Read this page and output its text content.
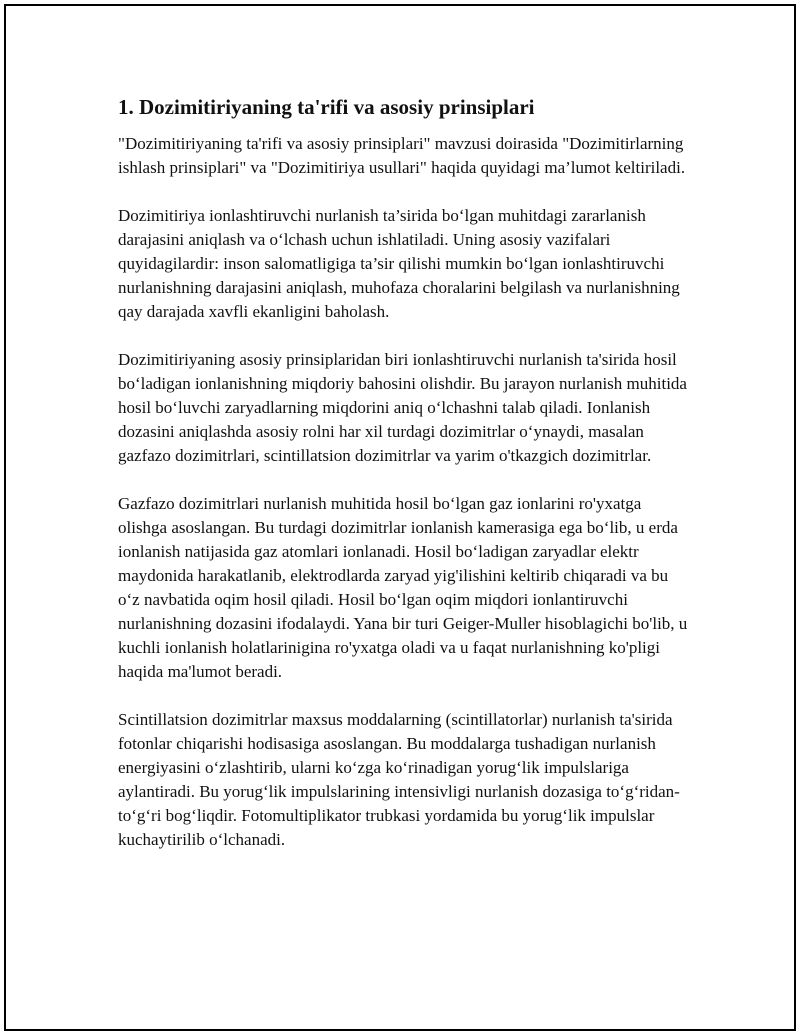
1. Dozimitiriyaning ta'rifi va asosiy prinsiplari

"Dozimitiriyaning ta'rifi va asosiy prinsiplari" mavzusi doirasida "Dozimitirlarning ishlash prinsiplari" va "Dozimitiriya usullari" haqida quyidagi ma’lumot keltiriladi.

Dozimitiriya ionlashtiruvchi nurlanish ta’sirida bo‘lgan muhitdagi zararlanish darajasini aniqlash va o‘lchash uchun ishlatiladi. Uning asosiy vazifalari quyidagilardir: inson salomatligiga ta’sir qilishi mumkin bo‘lgan ionlashtiruvchi nurlanishning darajasini aniqlash, muhofaza choralarini belgilash va nurlanishning qay darajada xavfli ekanligini baholash.

Dozimitiriyaning asosiy prinsiplaridan biri ionlashtiruvchi nurlanish ta'sirida hosil bo‘ladigan ionlanishning miqdoriy bahosini olishdir. Bu jarayon nurlanish muhitida hosil bo‘luvchi zaryadlarning miqdorini aniq o‘lchashni talab qiladi. Ionlanish dozasini aniqlashda asosiy rolni har xil turdagi dozimitrlar o‘ynaydi, masalan gazfazo dozimitrlari, scintillatsion dozimitrlar va yarim o'tkazgich dozimitrlar.

Gazfazo dozimitrlari nurlanish muhitida hosil bo‘lgan gaz ionlarini ro'yxatga olishga asoslangan. Bu turdagi dozimitrlar ionlanish kamerasiga ega bo‘lib, u erda ionlanish natijasida gaz atomlari ionlanadi. Hosil bo‘ladigan zaryadlar elektr maydonida harakatlanib, elektrodlarda zaryad yig'ilishini keltirib chiqaradi va bu o‘z navbatida oqim hosil qiladi. Hosil bo‘lgan oqim miqdori ionlantiruvchi nurlanishning dozasini ifodalaydi. Yana bir turi Geiger-Muller hisoblagichi bo'lib, u kuchli ionlanish holatlarinigina ro'yxatga oladi va u faqat nurlanishning ko'pligi haqida ma'lumot beradi.

Scintillatsion dozimitrlar maxsus moddalarning (scintillatorlar) nurlanish ta'sirida fotonlar chiqarishi hodisasiga asoslangan. Bu moddalarga tushadigan nurlanish energiyasini o‘zlashtirib, ularni ko‘zga ko‘rinadigan yorug‘lik impulslariga aylantiradi. Bu yorug‘lik impulslarining intensivligi nurlanish dozasiga to‘g‘ridan-to‘g‘ri bog‘liqdir. Fotomultiplikator trubkasi yordamida bu yorug‘lik impulslar kuchaytirilib o‘lchanadi.
